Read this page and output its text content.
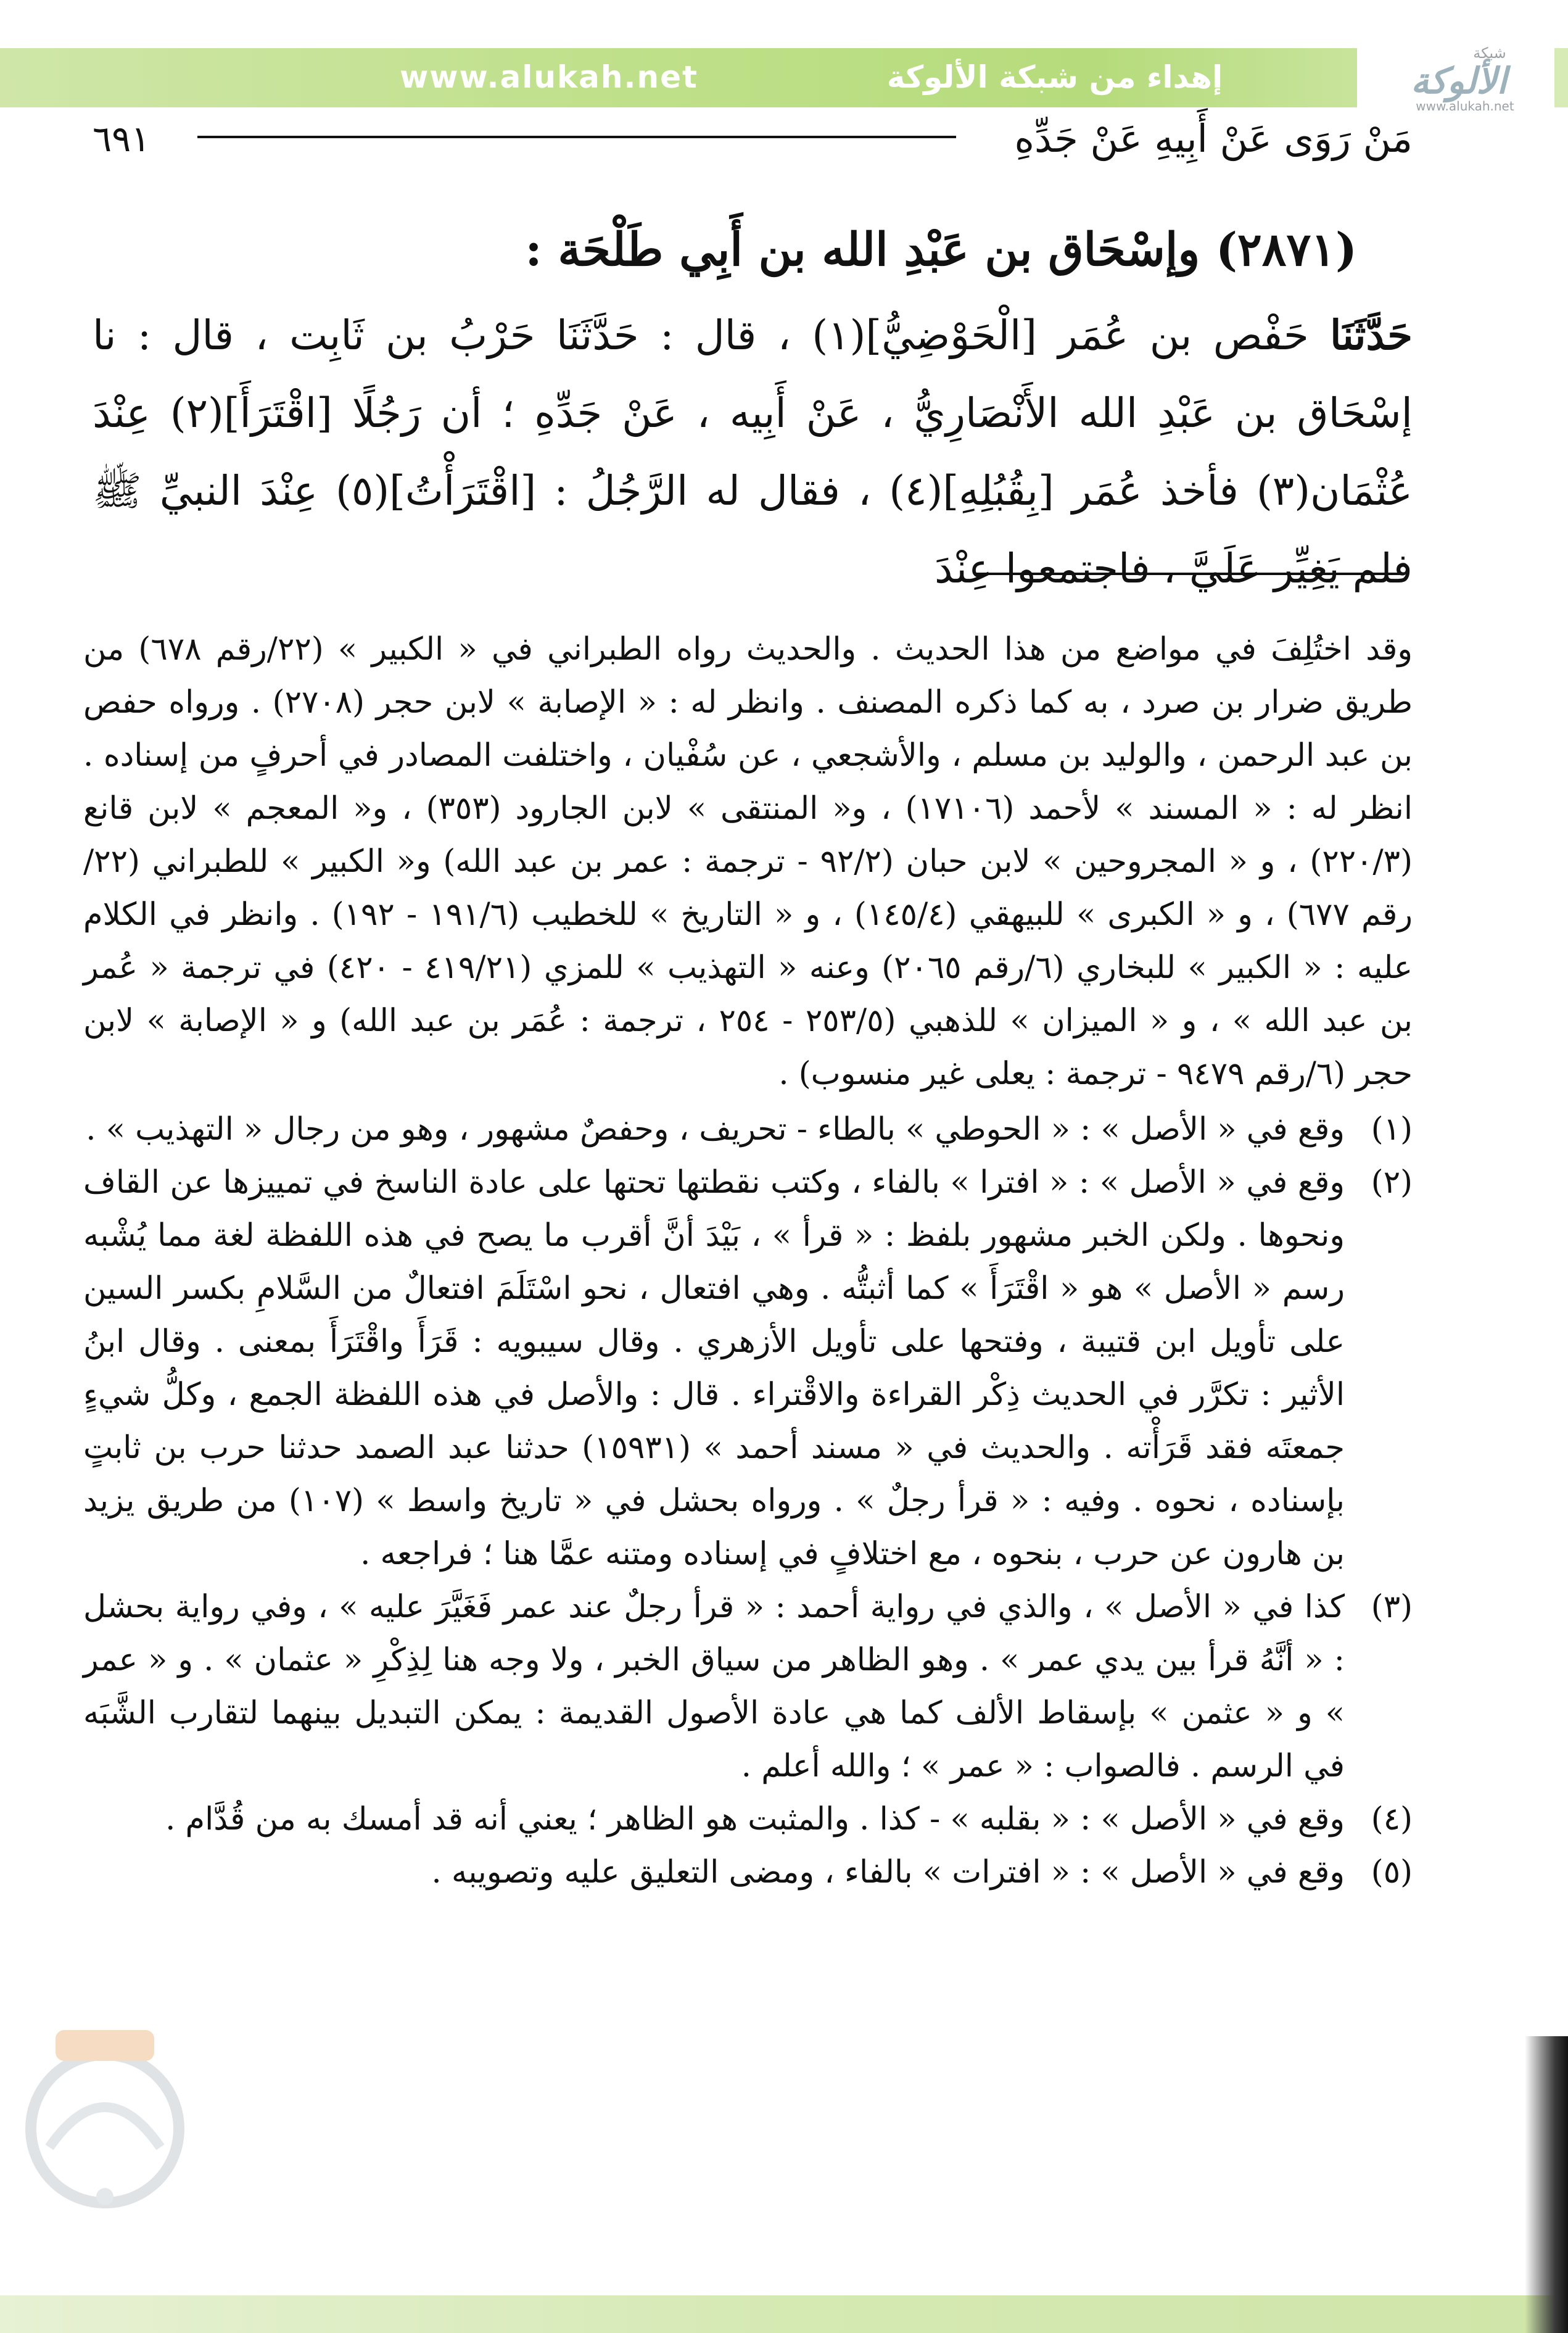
www.alukah.net	إهداء من شبكة الألوكة
شبكة
الألوكة
www.alukah.net
مَنْ رَوَى عَنْ أَبِيهِ عَنْ جَدِّهِ
٦٩١
(٢٨٧١) وإسْحَاق بن عَبْدِ الله بن أَبِي طَلْحَة :

حَدَّثَنَا حَفْص بن عُمَر [الْحَوْضِيُّ](١) ، قال : حَدَّثَنَا حَرْبُ بن ثَابِت ، قال : نا إسْحَاق بن عَبْدِ الله الأَنْصَارِيُّ ، عَنْ أَبِيه ، عَنْ جَدِّهِ ؛ أن رَجُلًا [اقْتَرَأَ](٢) عِنْدَ عُثْمَان(٣) فأخذ عُمَر [بِقُبُلِهِ](٤) ، فقال له الرَّجُلُ : [اقْتَرَأْتُ](٥) عِنْدَ النبيِّ ﷺ فلم يَغِيِّر عَلَيَّ ، فاجتمعوا عِنْدَ

وقد اختُلِفَ في مواضع من هذا الحديث . والحديث رواه الطبراني في « الكبير » (٢٢/رقم ٦٧٨) من طريق ضرار بن صرد ، به كما ذكره المصنف . وانظر له : « الإصابة » لابن حجر (٢٧٠٨) . ورواه حفص بن عبد الرحمن ، والوليد بن مسلم ، والأشجعي ، عن سُفْيان ، واختلفت المصادر في أحرفٍ من إسناده . انظر له : « المسند » لأحمد (١٧١٠٦) ، و« المنتقى » لابن الجارود (٣٥٣) ، و« المعجم » لابن قانع (٢٢٠/٣) ، و « المجروحين » لابن حبان (٩٢/٢ - ترجمة : عمر بن عبد الله) و« الكبير » للطبراني (٢٢/رقم ٦٧٧) ، و « الكبرى » للبيهقي (١٤٥/٤) ، و « التاريخ » للخطيب (١٩١/٦ - ١٩٢) . وانظر في الكلام عليه : « الكبير » للبخاري (٦/رقم ٢٠٦٥) وعنه « التهذيب » للمزي (٤١٩/٢١ - ٤٢٠) في ترجمة « عُمر بن عبد الله » ، و « الميزان » للذهبي (٢٥٣/٥ - ٢٥٤ ، ترجمة : عُمَر بن عبد الله) و « الإصابة » لابن حجر (٦/رقم ٩٤٧٩ - ترجمة : يعلى غير منسوب) .

(١)
وقع في « الأصل » : « الحوطي » بالطاء - تحريف ، وحفصٌ مشهور ، وهو من رجال « التهذيب » .

(٢)
وقع في « الأصل » : « افترا » بالفاء ، وكتب نقطتها تحتها على عادة الناسخ في تمييزها عن القاف ونحوها . ولكن الخبر مشهور بلفظ : « قرأ » ، بَيْدَ أنَّ أقرب ما يصح في هذه اللفظة لغة مما يُشْبه رسم « الأصل » هو « اقْتَرَأَ » كما أثبتُّه . وهي افتعال ، نحو اسْتَلَمَ افتعالٌ من السَّلامِ بكسر السين على تأويل ابن قتيبة ، وفتحها على تأويل الأزهري . وقال سيبويه : قَرَأَ واقْتَرَأَ بمعنى . وقال ابنُ الأثير : تكرَّر في الحديث ذِكْر القراءة والاقْتراء . قال : والأصل في هذه اللفظة الجمع ، وكلُّ شيءٍ جمعتَه فقد قَرَأْته . والحديث في « مسند أحمد » (١٥٩٣١) حدثنا عبد الصمد حدثنا حرب بن ثابتٍ بإسناده ، نحوه . وفيه : « قرأ رجلٌ » . ورواه بحشل في « تاريخ واسط » (١٠٧) من طريق يزيد بن هارون عن حرب ، بنحوه ، مع اختلافٍ في إسناده ومتنه عمَّا هنا ؛ فراجعه .

(٣)
كذا في « الأصل » ، والذي في رواية أحمد : « قرأ رجلٌ عند عمر فَغَيَّرَ عليه » ، وفي رواية بحشل : « أنَّهُ قرأ بين يدي عمر » . وهو الظاهر من سياق الخبر ، ولا وجه هنا لِذِكْرِ « عثمان » . و « عمر » و « عثمن » بإسقاط الألف كما هي عادة الأصول القديمة : يمكن التبديل بينهما لتقارب الشَّبَه في الرسم . فالصواب : « عمر » ؛ والله أعلم .

(٤)
وقع في « الأصل » : « بقلبه » - كذا . والمثبت هو الظاهر ؛ يعني أنه قد أمسك به من قُدَّام .

(٥)
وقع في « الأصل » : « افترات » بالفاء ، ومضى التعليق عليه وتصويبه .
